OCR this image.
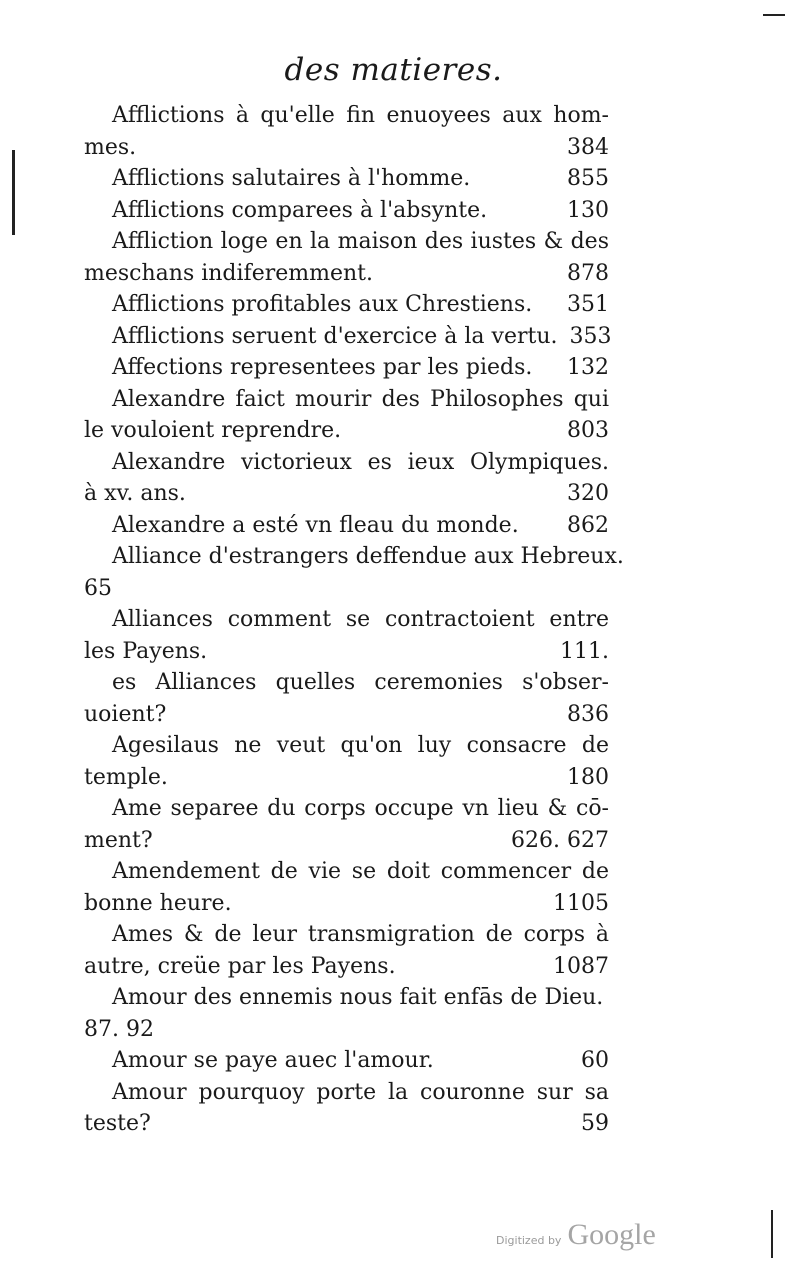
des matieres.
Afflictions à qu'elle fin enuoyees aux hom-
mes.	384
Afflictions salutaires à l'homme.	855
Afflictions comparees à l'absynte.	130
Affliction loge en la maison des iustes & des
meschans indiferemment.	878
Afflictions profitables aux Chrestiens.	351
Afflictions seruent d'exercice à la vertu. 353
Affections representees par les pieds.	132
Alexandre faict mourir des Philosophes qui
le vouloient reprendre.	803
Alexandre victorieux es ieux Olympiques.
à xv. ans.	320
Alexandre a esté vn fleau du monde.	862
Alliance d'estrangers deffendue aux Hebreux.
65
Alliances comment se contractoient entre
les Payens.	111.
es Alliances quelles ceremonies s'obser-
uoient?	836
Agesilaus ne veut qu'on luy consacre de
temple.	180
Ame separee du corps occupe vn lieu & cō-
ment?	626. 627
Amendement de vie se doit commencer de
bonne heure.	1105
Ames & de leur transmigration de corps à
autre, creüe par les Payens.	1087
Amour des ennemis nous fait enfās de Dieu.
87. 92
Amour se paye auec l'amour.	60
Amour pourquoy porte la couronne sur sa
teste?	59
Digitized by Google
